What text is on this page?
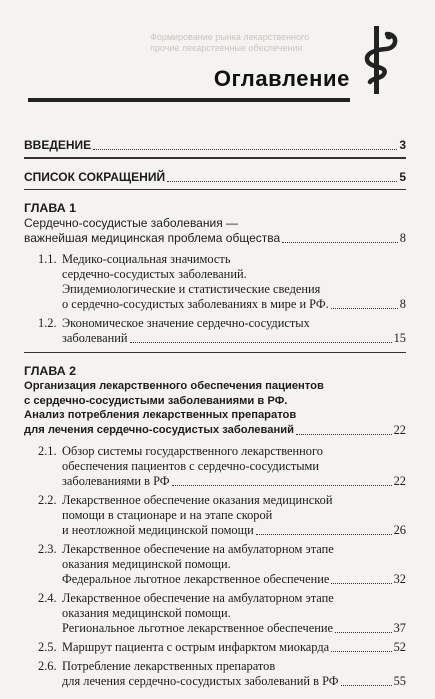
Формирование рынка лекарственного
прочие лекарственные обеспечения
Оглавление
ВВЕДЕНИЕ	3
СПИСОК СОКРАЩЕНИЙ	5
ГЛАВА 1
Сердечно-сосудистые заболевания —
важнейшая медицинская проблема общества	8
1.1. Медико-социальная значимость
сердечно-сосудистых заболеваний.
Эпидемиологические и статистические сведения
о сердечно-сосудистых заболеваниях в мире и РФ.	8
1.2. Экономическое значение сердечно-сосудистых
заболеваний	15
ГЛАВА 2
Организация лекарственного обеспечения пациентов
с сердечно-сосудистыми заболеваниями в РФ.
Анализ потребления лекарственных препаратов
для лечения сердечно-сосудистых заболеваний	22
2.1. Обзор системы государственного лекарственного
обеспечения пациентов с сердечно-сосудистыми
заболеваниями в РФ	22
2.2. Лекарственное обеспечение оказания медицинской
помощи в стационаре и на этапе скорой
и неотложной медицинской помощи	26
2.3. Лекарственное обеспечение на амбулаторном этапе
оказания медицинской помощи.
Федеральное льготное лекарственное обеспечение	32
2.4. Лекарственное обеспечение на амбулаторном этапе
оказания медицинской помощи.
Региональное льготное лекарственное обеспечение	37
2.5. Маршрут пациента с острым инфарктом миокарда	52
2.6. Потребление лекарственных препаратов
для лечения сердечно-сосудистых заболеваний в РФ	55
